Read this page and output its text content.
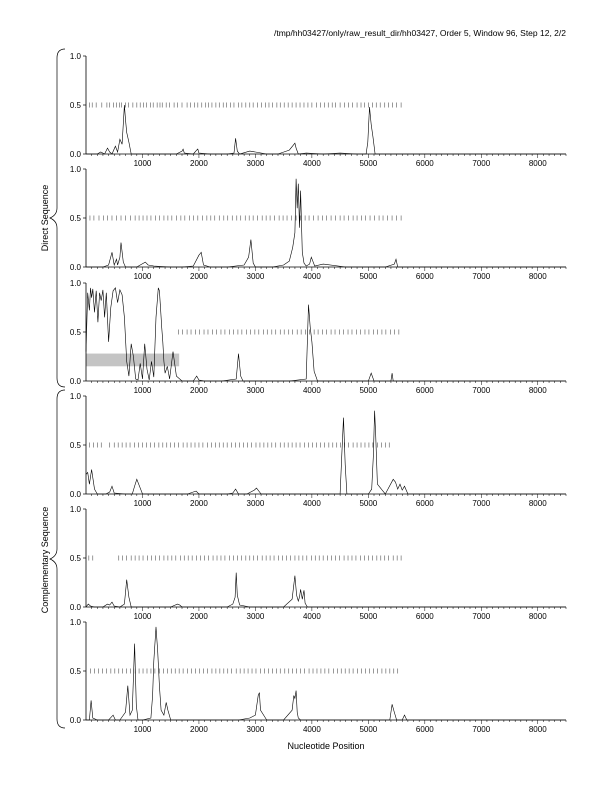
/tmp/hh03427/only/raw_result_dir/hh03427, Order 5, Window 96, Step 12, 2/2
0.0
0.5
1.0
1000	2000	3000	4000	5000	6000	7000	8000
0.0
0.5
1.0
1000	2000	3000	4000	5000	6000	7000	8000
0.0
0.5
1.0
1000	2000	3000	4000	5000	6000	7000	8000
0.0
0.5
1.0
1000	2000	3000	4000	5000	6000	7000	8000
0.0
0.5
1.0
1000	2000	3000	4000	5000	6000	7000	8000
0.0
0.5
1.0
1000	2000	3000	4000	5000	6000	7000	8000
Direct Sequence
Complementary Sequence
Nucleotide Position
